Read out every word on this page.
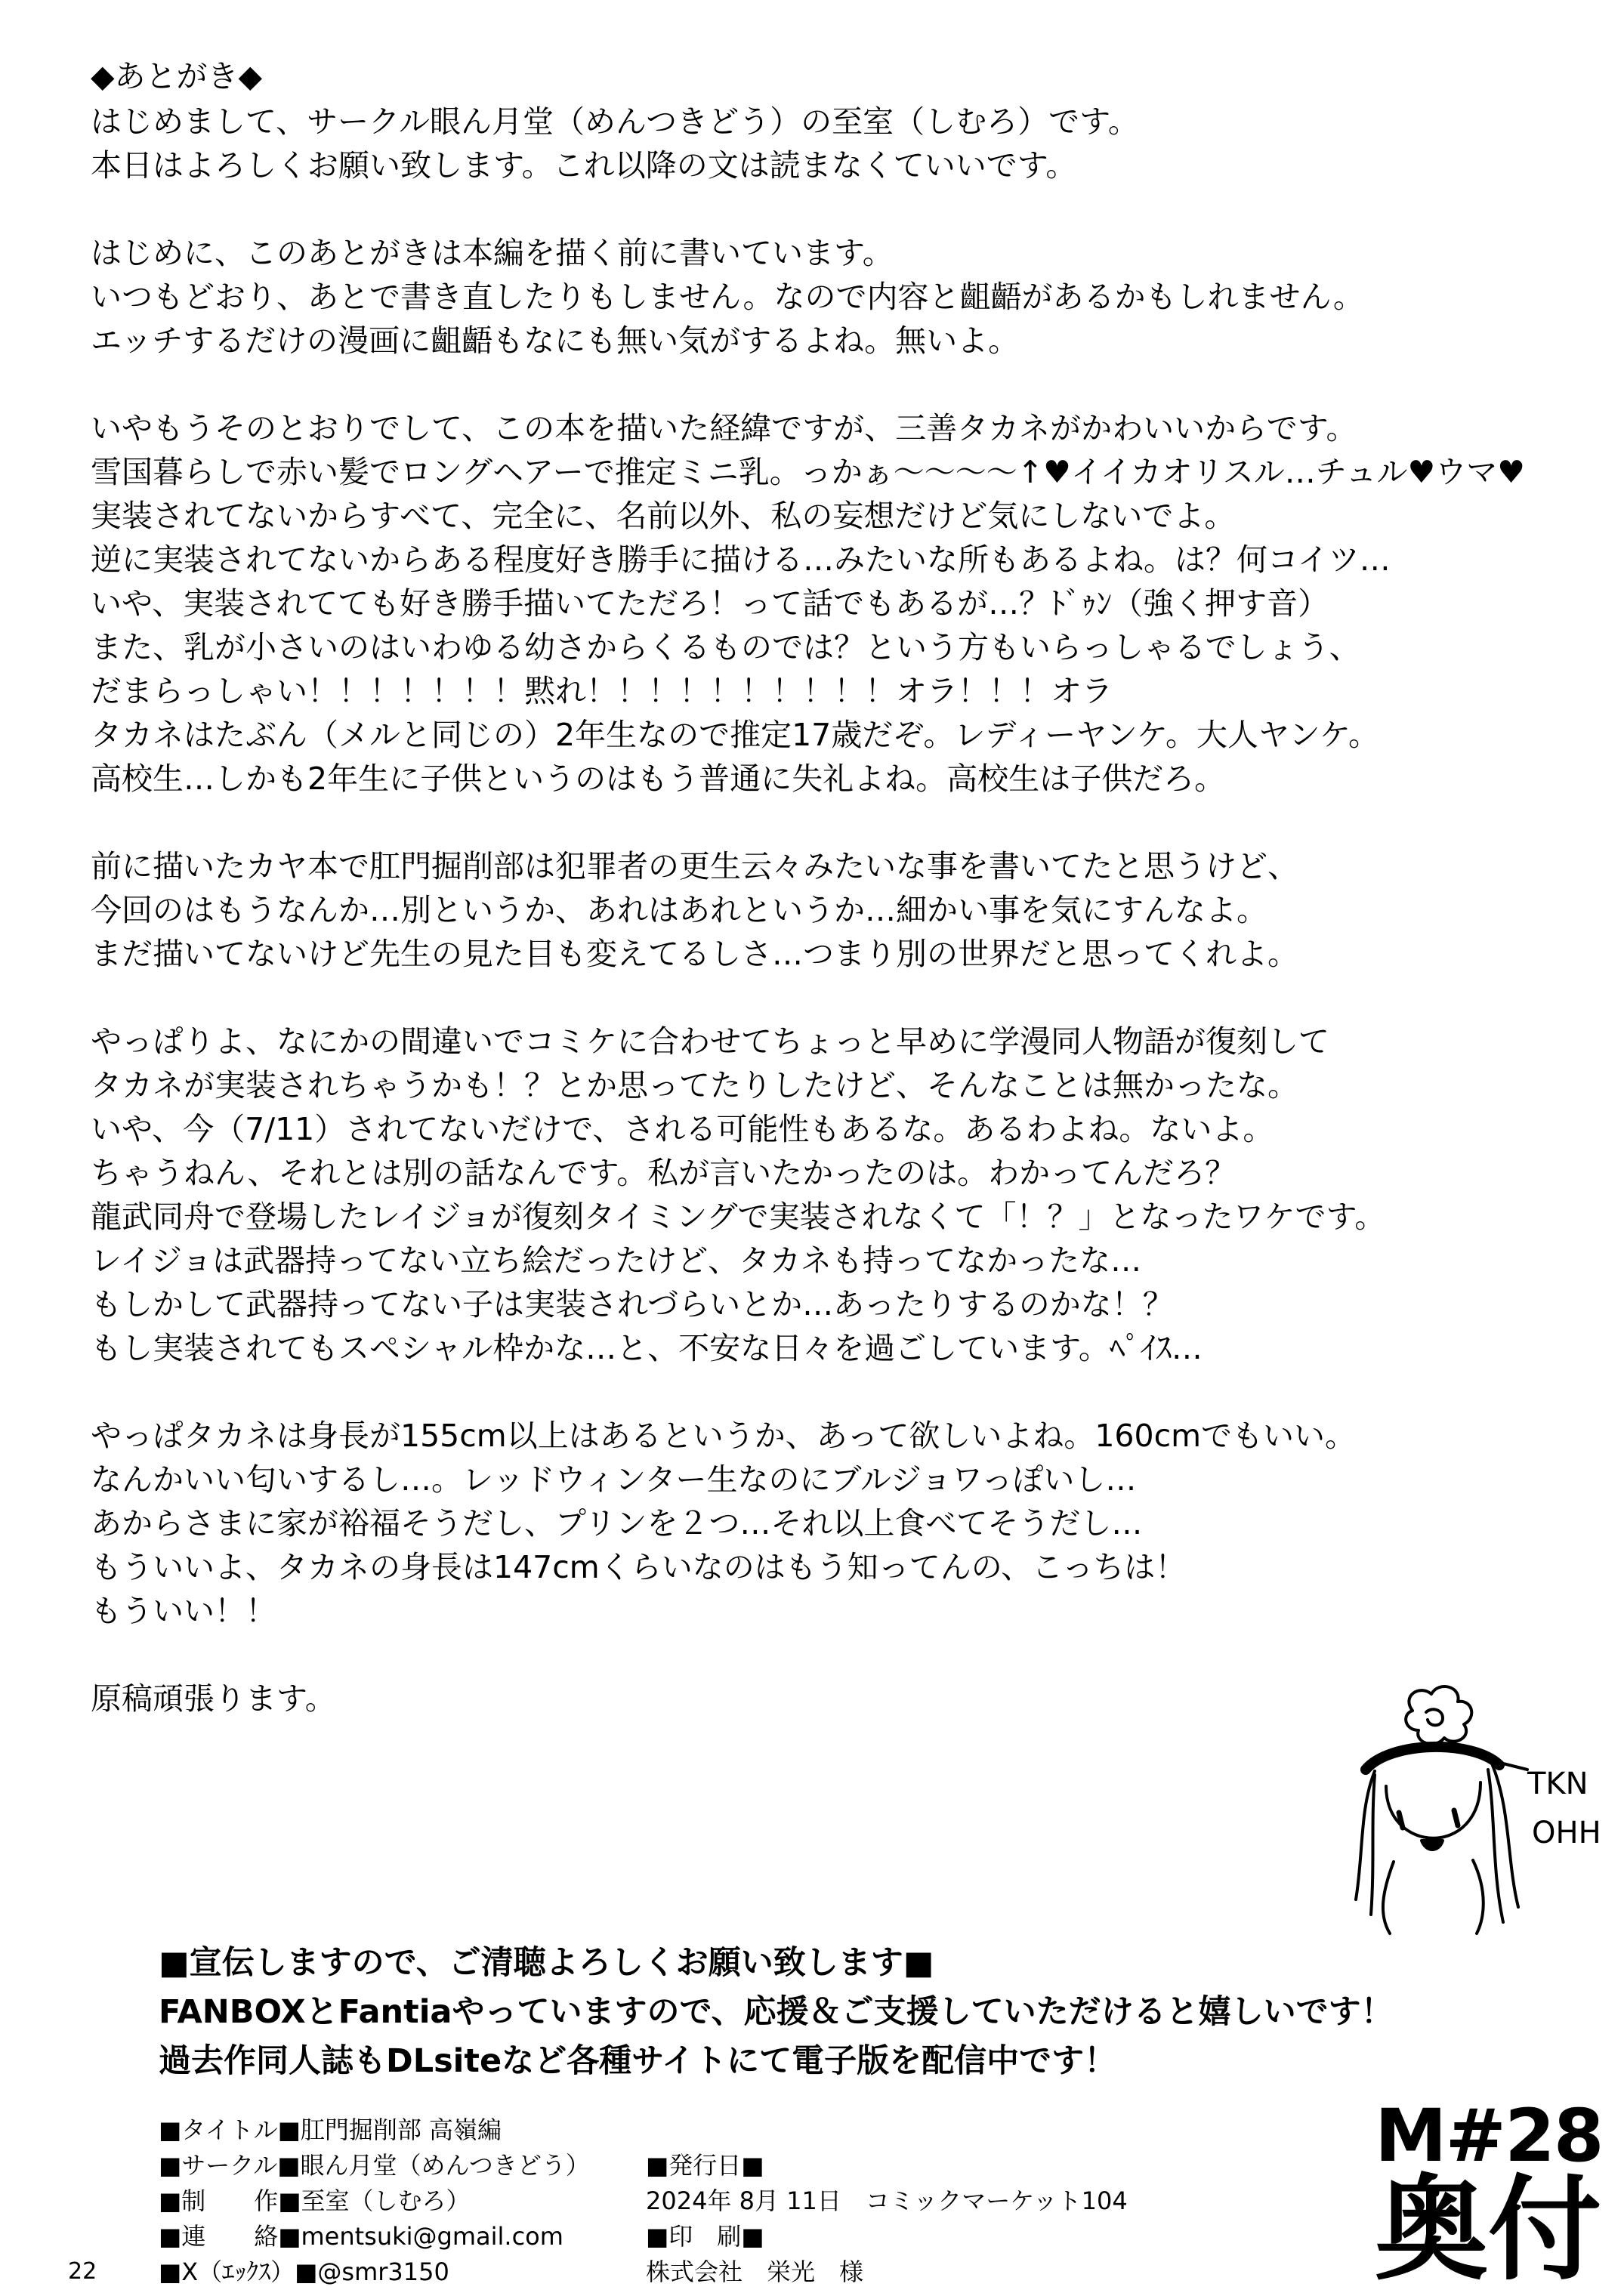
◆あとがき◆
はじめまして、サークル眼ん月堂（めんつきどう）の至室（しむろ）です。
本日はよろしくお願い致します。これ以降の文は読まなくていいです。
はじめに、このあとがきは本編を描く前に書いています。
いつもどおり、あとで書き直したりもしません。なので内容と齟齬があるかもしれません。
エッチするだけの漫画に齟齬もなにも無い気がするよね。無いよ。
いやもうそのとおりでして、この本を描いた経緯ですが、三善タカネがかわいいからです。
雪国暮らしで赤い髪でロングヘアーで推定ミニ乳。っかぁ〜〜〜〜↑♥イイカオリスル…チュル♥ウマ♥
実装されてないからすべて、完全に、名前以外、私の妄想だけど気にしないでよ。
逆に実装されてないからある程度好き勝手に描ける…みたいな所もあるよね。は？何コイツ…
いや、実装されてても好き勝手描いてただろ！って話でもあるが…？ﾄﾞｩﾝ（強く押す音）
また、乳が小さいのはいわゆる幼さからくるものでは？という方もいらっしゃるでしょう、
だまらっしゃい！！！！！！！黙れ！！！！！！！！！！オラ！！！オラ
タカネはたぶん（メルと同じの）2年生なので推定17歳だぞ。レディーヤンケ。大人ヤンケ。
高校生…しかも2年生に子供というのはもう普通に失礼よね。高校生は子供だろ。
前に描いたカヤ本で肛門掘削部は犯罪者の更生云々みたいな事を書いてたと思うけど、
今回のはもうなんか…別というか、あれはあれというか…細かい事を気にすんなよ。
まだ描いてないけど先生の見た目も変えてるしさ…つまり別の世界だと思ってくれよ。
やっぱりよ、なにかの間違いでコミケに合わせてちょっと早めに学漫同人物語が復刻して
タカネが実装されちゃうかも！？とか思ってたりしたけど、そんなことは無かったな。
いや、今（7/11）されてないだけで、される可能性もあるな。あるわよね。ないよ。
ちゃうねん、それとは別の話なんです。私が言いたかったのは。わかってんだろ？
龍武同舟で登場したレイジョが復刻タイミングで実装されなくて「！？」となったワケです。
レイジョは武器持ってない立ち絵だったけど、タカネも持ってなかったな…
もしかして武器持ってない子は実装されづらいとか…あったりするのかな！？
もし実装されてもスペシャル枠かな…と、不安な日々を過ごしています。ﾍﾟｲｽ…
やっぱタカネは身長が155cm以上はあるというか、あって欲しいよね。160cmでもいい。
なんかいい匂いするし…。レッドウィンター生なのにブルジョワっぽいし…
あからさまに家が裕福そうだし、プリンを２つ…それ以上食べてそうだし…
もういいよ、タカネの身長は147cmくらいなのはもう知ってんの、こっちは！
もういい！！
原稿頑張ります。
TKN
OHH
■宣伝しますので、ご清聴よろしくお願い致します■
FANBOXとFantiaやっていますので、応援＆ご支援していただけると嬉しいです！
過去作同人誌もDLsiteなど各種サイトにて電子版を配信中です！
■タイトル■肛門掘削部 高嶺編
■サークル■眼ん月堂（めんつきどう）
■制　　作■至室（しむろ）
■連　　絡■mentsuki@gmail.com
■X（ｴｯｸｽ）■@smr3150
■発行日■
2024年 8月 11日　コミックマーケット104
■印　刷■
株式会社　栄光　様
M#28
奥付
22
